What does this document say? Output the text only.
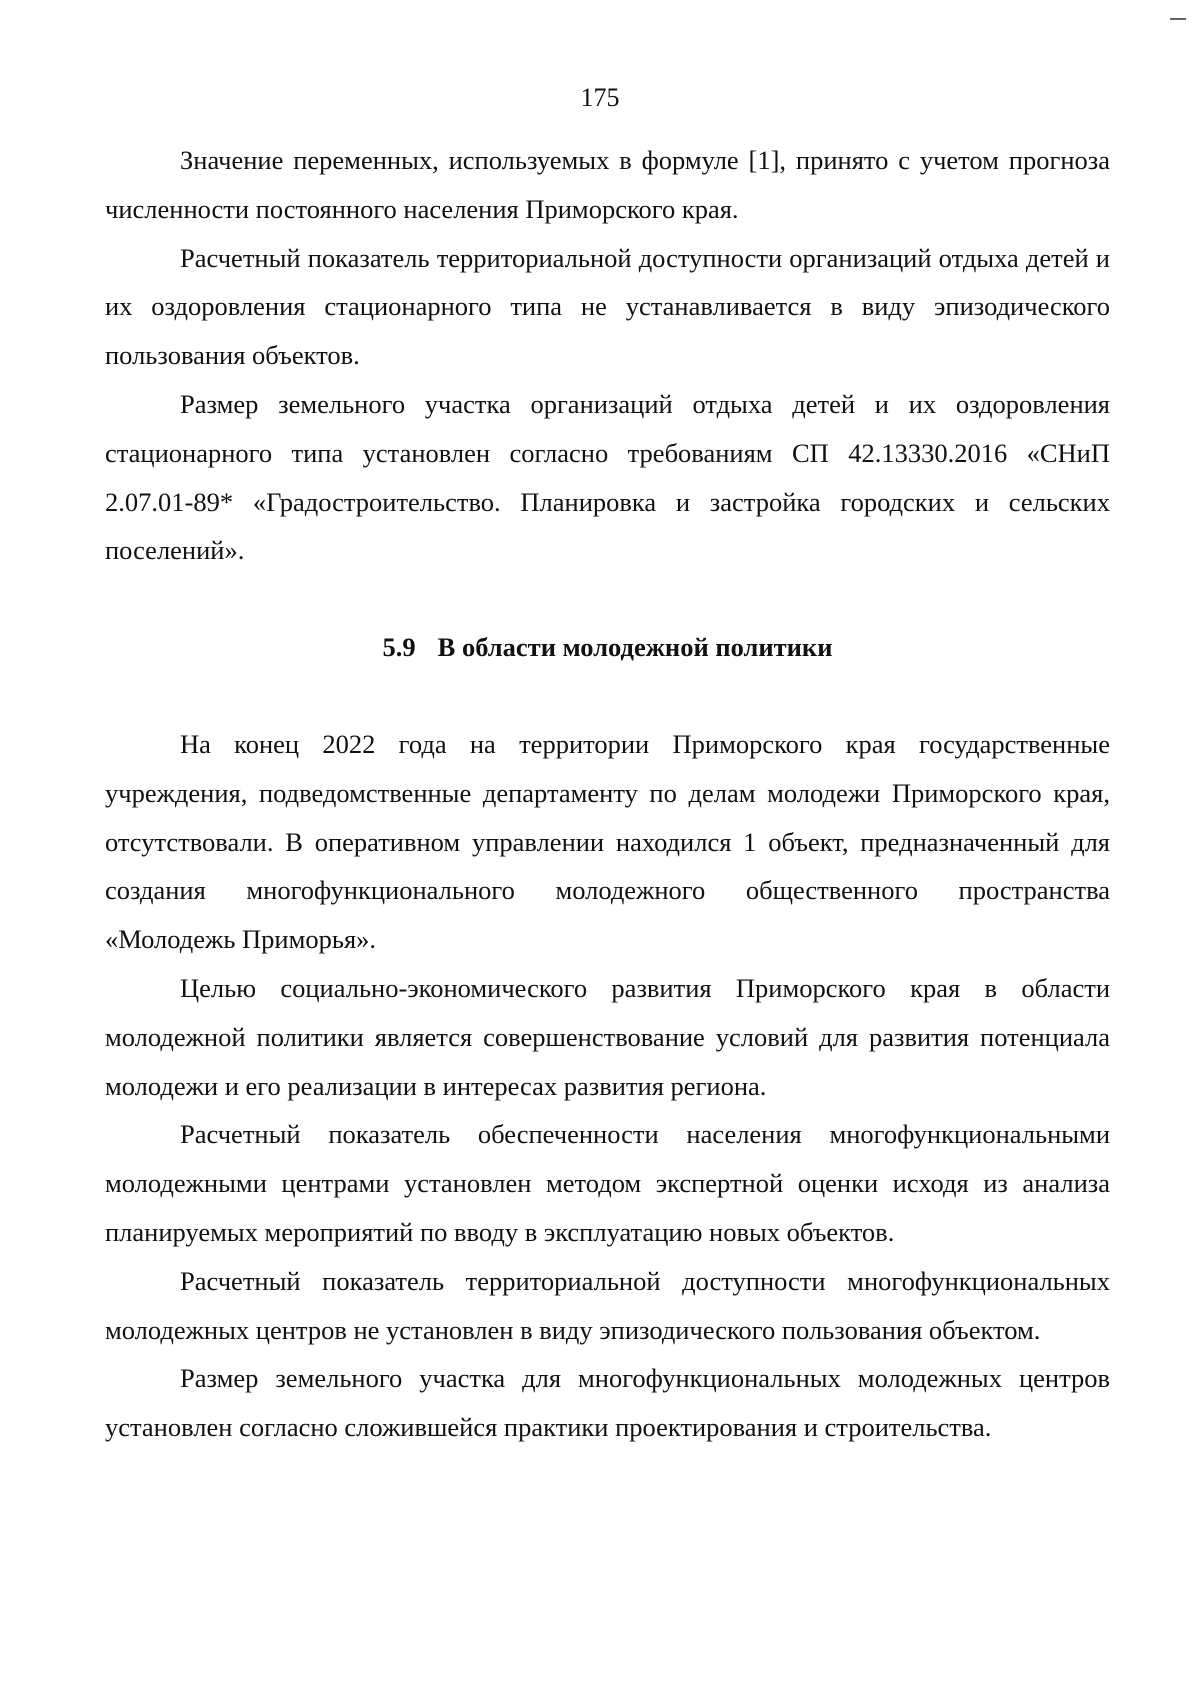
175

Значение переменных, используемых в формуле [1], принято с учетом прогноза численности постоянного населения Приморского края.

Расчетный показатель территориальной доступности организаций отдыха детей и их оздоровления стационарного типа не устанавливается в виду эпизодического пользования объектов.

Размер земельного участка организаций отдыха детей и их оздоровления стационарного типа установлен согласно требованиям СП 42.13330.2016 «СНиП 2.07.01-89* «Градостроительство. Планировка и застройка городских и сельских поселений».

5.9 В области молодежной политики

На конец 2022 года на территории Приморского края государственные учреждения, подведомственные департаменту по делам молодежи Приморского края, отсутствовали. В оперативном управлении находился 1 объект, предназначенный для создания многофункционального молодежного общественного пространства «Молодежь Приморья».

Целью социально-экономического развития Приморского края в области молодежной политики является совершенствование условий для развития потенциала молодежи и его реализации в интересах развития региона.

Расчетный показатель обеспеченности населения многофункциональными молодежными центрами установлен методом экспертной оценки исходя из анализа планируемых мероприятий по вводу в эксплуатацию новых объектов.

Расчетный показатель территориальной доступности многофункциональных молодежных центров не установлен в виду эпизодического пользования объектом.

Размер земельного участка для многофункциональных молодежных центров установлен согласно сложившейся практики проектирования и строительства.
